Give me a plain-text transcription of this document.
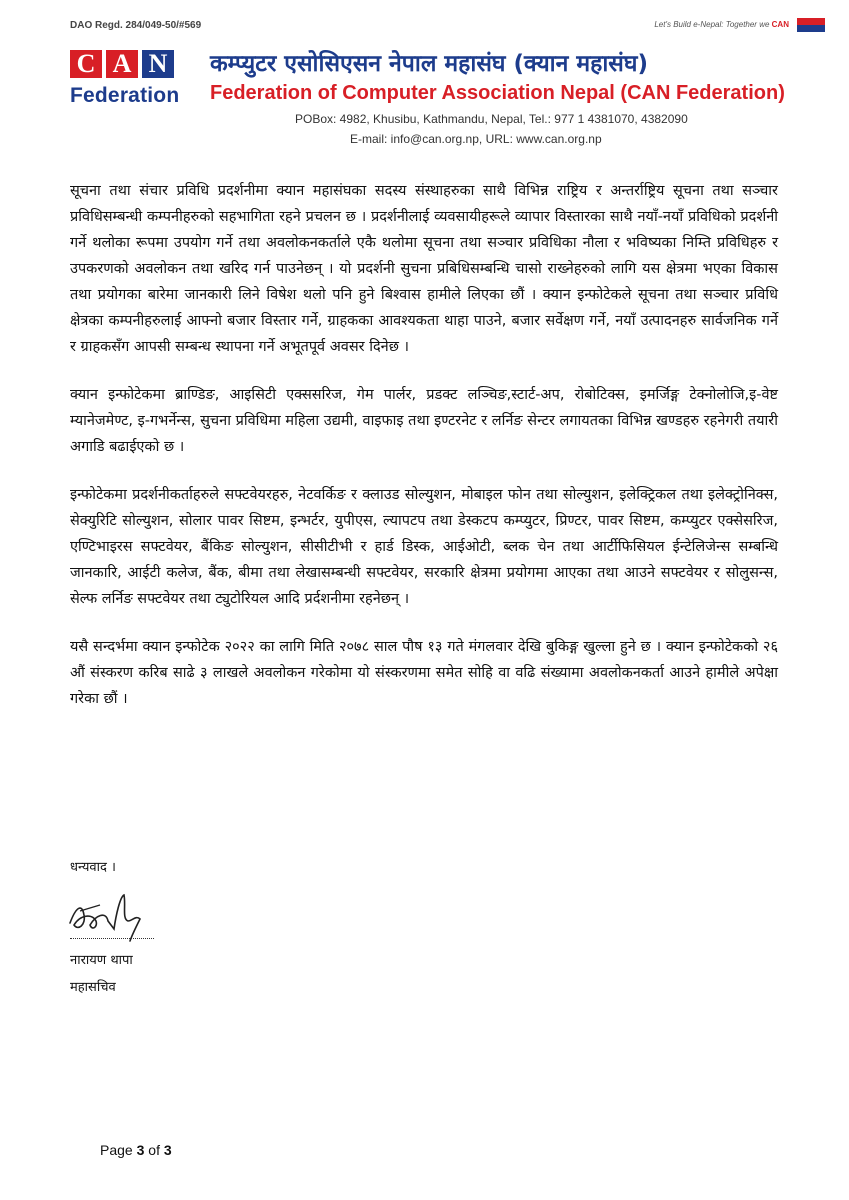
DAO Regd. 284/049-50/#569	Let's Build e-Nepal: Together we CAN
C A N
Federation
कम्प्युटर एसोसिएसन नेपाल महासंघ (क्यान महासंघ)
Federation of Computer Association Nepal (CAN Federation)
POBox: 4982, Khusibu, Kathmandu, Nepal, Tel.: 977 1 4381070, 4382090
E-mail: info@can.org.np, URL: www.can.org.np

सूचना तथा संचार प्रविधि प्रदर्शनीमा क्यान महासंघका सदस्य संस्थाहरुका साथै विभिन्न राष्ट्रिय र अन्तर्राष्ट्रिय सूचना तथा सञ्चार प्रविधिसम्बन्धी कम्पनीहरुको सहभागिता रहने प्रचलन छ । प्रदर्शनीलाई व्यवसायीहरूले व्यापार विस्तारका साथै नयाँ-नयाँ प्रविधिको प्रदर्शनी गर्ने थलोका रूपमा उपयोग गर्ने तथा अवलोकनकर्ताले एकै थलोमा सूचना तथा सञ्चार प्रविधिका नौला र भविष्यका निम्ति प्रविधिहरु र उपकरणको अवलोकन तथा खरिद गर्न पाउनेछन् । यो प्रदर्शनी सुचना प्रबिधिसम्बन्धि चासो राख्नेहरुको लागि यस क्षेत्रमा भएका विकास तथा प्रयोगका बारेमा जानकारी लिने विषेश थलो पनि हुने बिश्वास हामीले लिएका छौं । क्यान इन्फोटेकले सूचना तथा सञ्चार प्रविधि क्षेत्रका कम्पनीहरुलाई आफ्नो बजार विस्तार गर्ने, ग्राहकका आवश्यकता थाहा पाउने, बजार सर्वेक्षण गर्ने, नयाँ उत्पादनहरु सार्वजनिक गर्ने र ग्राहकसँग आपसी सम्बन्ध स्थापना गर्ने अभूतपूर्व अवसर दिनेछ ।

क्यान इन्फोटेकमा ब्राण्डिङ, आइसिटी एक्ससरिज, गेम पार्लर, प्रडक्ट लञ्चिङ,स्टार्ट-अप, रोबोटिक्स, इमर्जिङ्ग टेक्नोलोजि,इ-वेष्ट म्यानेजमेण्ट, इ-गभर्नेन्स, सुचना प्रविधिमा महिला उद्यमी, वाइफाइ तथा इण्टरनेट र लर्निङ सेन्टर लगायतका विभिन्न खण्डहरु रहनेगरी तयारी अगाडि बढाईएको छ ।

इन्फोटेकमा प्रदर्शनीकर्ताहरुले सफ्टवेयरहरु, नेटवर्किङ र क्लाउड सोल्युशन, मोबाइल फोन तथा सोल्युशन, इलेक्ट्रिकल तथा इलेक्ट्रोनिक्स, सेक्युरिटि सोल्युशन, सोलार पावर सिष्टम, इन्भर्टर, युपीएस, ल्यापटप तथा डेस्कटप कम्प्युटर, प्रिण्टर, पावर सिष्टम, कम्प्युटर एक्सेसरिज, एण्टिभाइरस सफ्टवेयर, बैंकिङ सोल्युशन, सीसीटीभी र हार्ड डिस्क, आईओटी, ब्लक चेन तथा आर्टीफिसियल ईन्टेलिजेन्स सम्बन्धि जानकारि, आईटी कलेज, बैंक, बीमा तथा लेखासम्बन्धी सफ्टवेयर, सरकारि क्षेत्रमा प्रयोगमा आएका तथा आउने सफ्टवेयर र सोलुसन्स, सेल्फ लर्निङ सफ्टवेयर तथा ट्युटोरियल आदि प्रर्दशनीमा रहनेछन् ।

यसै सन्दर्भमा क्यान इन्फोटेक २०२२ का लागि मिति २०७८ साल पौष १३ गते मंगलवार देखि बुकिङ्ग खुल्ला हुने छ । क्यान इन्फोटेकको २६ औं संस्करण करिब साढे ३ लाखले अवलोकन गरेकोमा यो संस्करणमा समेत सोहि वा वढि संख्यामा अवलोकनकर्ता आउने हामीले अपेक्षा गरेका छौं ।

धन्यवाद ।
नारायण थापा
महासचिव
Page 3 of 3
